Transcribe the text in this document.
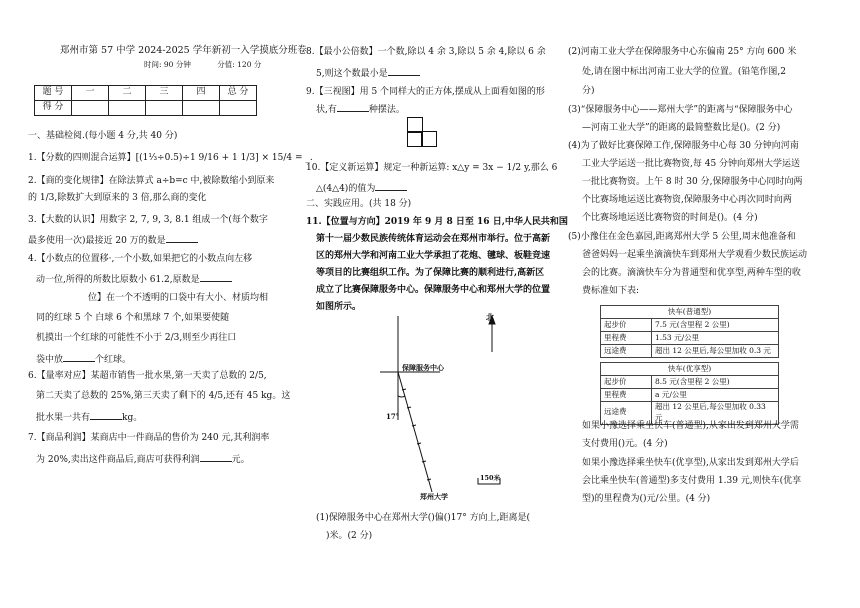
郑州市第 57 中学 2024-2025 学年新初一入学摸底分班卷
时间: 90 分钟	分值: 120 分
题 号	一	二	三	四	总 分
得 分					
一、基础检阅.(每小题 4 分,共 40 分)
1.【分数的四则混合运算】[(1⅓÷0.5)÷1 9/16 + 1 1/3] × 15/4 = _.
2.【商的变化规律】在除法算式 a÷b=c 中,被除数缩小到原来
的 1/3,除数扩大到原来的 3 倍,那么商的变化
3.【大数的认识】用数字 2, 7, 9, 3, 8.1 组成一个(每个数字
最多使用一次)最接近 20 万的数是
4.【小数点的位置移·,一个小数,如果把它的小数点向左移
动一位,所得的所数比原数小 61.2,原数是
位】在一个不透明的口袋中有大小、材质均相
同的红球 5 个 白球 6 个和黑球 7 个,如果要使随
机摸出一个红球的可能性不小于 2/3,则至少再往口
袋中放	个红球。
6.【量率对应】某超市销售一批水果,第一天卖了总数的 2/5,
第二天卖了总数的 25%,第三天卖了剩下的 4/5,还有 45 kg。这
批水果一共有	kg。
7.【商品利润】某商店中一件商品的售价为 240 元,其利润率
为 20%,卖出这件商品后,商店可获得利润	元。
8.【最小公倍数】一个数,除以 4 余 3,除以 5 余 4,除以 6 余
5,则这个数最小是
9.【三视图】用 5 个同样大的正方体,摆成从上面看如图的形
状,有	种摆法。
10.【定义新运算】规定一种新运算: x△y = 3x − 1/2 y,那么 6
△(4△4)的值为
二、实践应用。(共 18 分)
11.【位置与方向】2019 年 9 月 8 日至 16 日,中华人民共和国
第十一届少数民族传统体育运动会在郑州市举行。位于高新
区的郑州大学和河南工业大学承担了花炮、毽球、板鞋竞速
等项目的比赛组织工作。为了保障比赛的顺利进行,高新区
成立了比赛保障服务中心。保障服务中心和郑州大学的位置
如图所示。
北
保障服务中心
17°
郑州大学
150米
(1)保障服务中心在郑州大学()偏()17° 方向上,距离是(
)米。(2 分)
(2)河南工业大学在保障服务中心东偏南 25° 方向 600 米
处,请在图中标出河南工业大学的位置。(铅笔作图,2
分)
(3)“保障服务中心——郑州大学”的距离与“保障服务中心
—河南工业大学”的距离的最简整数比是()。(2 分)
(4)为了做好比赛保障工作,保障服务中心每 30 分钟向河南
工业大学运送一批比赛物资,每 45 分钟向郑州大学运送
一批比赛物资。上午 8 时 30 分,保障服务中心同时向两
个比赛场地运送比赛物资,保障服务中心再次同时向两
个比赛场地运送比赛物资的时间是()。(4 分)
(5)小豫住在金色嘉园,距离郑州大学 5 公里,周末他准备和
爸爸妈妈一起乘坐滴滴快车到郑州大学观看少数民族运动
会的比赛。滴滴快车分为普通型和优享型,两种车型的收
费标准如下表:
快车(普通型)	
起步价	7.5 元(含里程 2 公里)
里程费	1.53 元/公里
远途费	超出 12 公里后,每公里加收 0.3 元
快车(优享型)	
起步价	8.5 元(含里程 2 公里)
里程费	a 元/公里
远途费	超出 12 公里后,每公里加收 0.33 元
如果小豫选择乘坐快车(普通型),从家出发到郑州大学需
支付费用()元。(4 分)
如果小豫选择乘坐快车(优享型),从家出发到郑州大学后
会比乘坐快车(普通型)多支付费用 1.39 元,则快车(优享
型)的里程费为()元/公里。(4 分)
